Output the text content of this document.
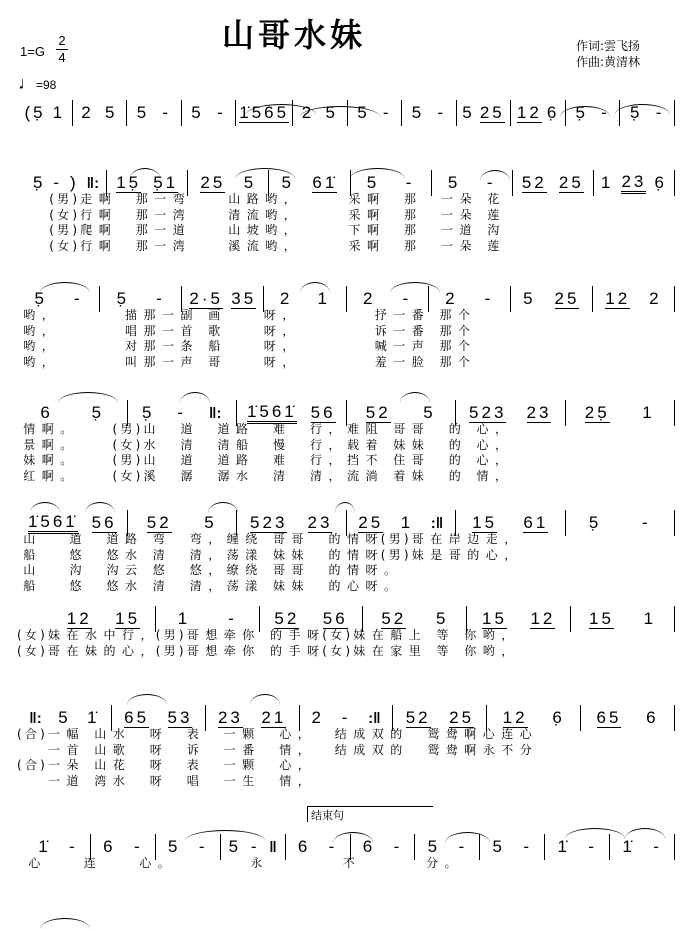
山哥水妹	作词:雲飞扬
作曲:黄清林
1=G
2
4
♩=98
结束句
(5̣ 1 2 5 5 - 5 - 1̇565 2 5 5 - 5 - 5 25 12 6̣ 5̣ - 5̣ -
5̣ - ) ‖: 15̣ 5̣1 25 5 5 61̇ 5 - 5 - 52 25 1 23 6̣
( 男 ) 走 啊 那 一 弯	山 路 哟 ，	采 啊 那 一 朵 花
( 女 ) 行 啊 那 一 湾	清 流 哟 ，	采 啊 那 一 朵 莲
( 男 ) 爬 啊 那 一 道	山 坡 哟 ，	下 啊 那 一 道 沟
( 女 ) 行 啊 那 一 湾	溪 流 哟 ，	采 啊 那 一 朵 莲
5̣ - 5̣ - 2·5 35 2 1 2 - 2 - 5 25 12 2
哟 ，	描 那 一 副 画	呀 ，	抒 一 番 那 个
哟 ，	唱 那 一 首 歌	呀 ，	诉 一 番 那 个
哟 ，	对 那 一 条 船	呀 ，	喊 一 声 那 个
哟 ，	叫 那 一 声 哥	呀 ，	羞 一 脸 那 个
6 5̣ 5̣ - ‖: 1̇561̇ 56 52 5 523 23 25̣ 1
情 啊 。	( 男 ) 山 道 道 路 难 行 ， 难 阻 哥 哥 的 心 ，
景 啊 。	( 女 ) 水 清 清 船 慢 行 ， 载 着 妹 妹 的 心 ，
妹 啊 。	( 男 ) 山 道 道 路 难 行 ， 挡 不 住 哥 的 心 ，
红 啊 。	( 女 ) 溪 潺 潺 水 清 清 ， 流 淌 着 妹 的 情 ，
1̇561̇ 56 52 5 523 23 25 1 :‖ 15 61 5̣ -
山	道 道 路 弯 弯 ， 缠 绕 哥 哥 的 情 呀 ( 男 ) 哥 在 岸 边 走 ，
船	悠 悠 水 清 清 ， 荡 漾 妹 妹 的 情 呀 ( 男 ) 妹 是 哥 的 心 ，
山	沟 沟 云 悠 悠 ， 缭 绕 哥 哥 的 情 呀 。
船	悠 悠 水 清 清 ， 荡 漾 妹 妹 的 心 呀 。
12 15 1 - 52 56 52 5 15 12 15 1
( 女 ) 妹 在 水 中 行 ， ( 男 ) 哥 想 牵 你 的 手 呀 ( 女 ) 妹 在 船 上 等 你 哟 ，
( 女 ) 哥 在 妹 的 心 ， ( 男 ) 哥 想 牵 你 的 手 呀 ( 女 ) 妹 在 家 里 等 你 哟 ，
‖: 5 1̇ 65 53 23 21 2 - :‖ 52 25 12 6̣ 65 6
( 合 ) 一 幅 山 水 呀 表 一 颗 心 ， 结 成 双 的 鸳 鸯 啊 心 连 心
一 首 山 歌 呀 诉 一 番 情 ， 结 成 双 的 鸳 鸯 啊 永 不 分
( 合 ) 一 朵 山 花 呀 表 一 颗 心 ，
一 道 湾 水 呀 唱 一 生 情 ，
1̇ - 6 - 5 - 5 - ‖ 6 - 6 - 5 - 5 - 1̇ - 1̇ -
心	连	心 。	永	不	分 。
